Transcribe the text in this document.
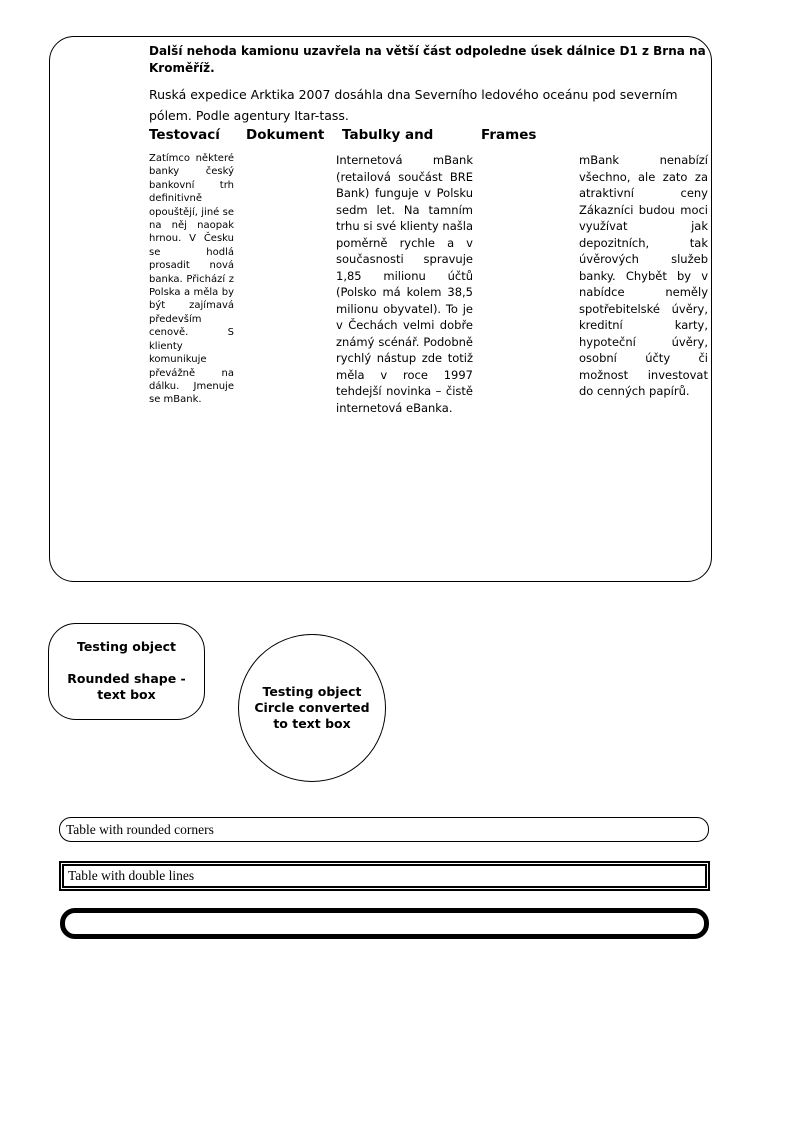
Další nehoda kamionu uzavřela na větší část odpoledne úsek dálnice D1 z Brna na Kroměříž.
Ruská expedice Arktika 2007 dosáhla dna Severního ledového oceánu pod severním pólem. Podle agentury Itar-tass.
Testovací Dokument Tabulky and	Frames
Zatímco některé banky český bankovní trh definitivně opouštějí, jiné se na něj naopak hrnou. V Česku se hodlá prosadit nová banka. Přichází z Polska a měla by být zajímavá především cenově. S klienty komunikuje převážně na dálku. Jmenuje se mBank.
Internetová mBank (retailová součást BRE Bank) funguje v Polsku sedm let. Na tamním trhu si své klienty našla poměrně rychle a v současnosti spravuje 1,85 milionu účtů (Polsko má kolem 38,5 milionu obyvatel). To je v Čechách velmi dobře známý scénář. Podobně rychlý nástup zde totiž měla v roce 1997 tehdejší novinka – čistě internetová eBanka.
mBank nenabízí všechno, ale zato za atraktivní ceny Zákazníci budou moci využívat jak depozitních, tak úvěrových služeb banky. Chybět by v nabídce neměly spotřebitelské úvěry, kreditní karty, hypoteční úvěry, osobní účty či možnost investovat do cenných papírů.
Testing object
Rounded shape - text box	Testing object
Circle converted to text box
Table with rounded corners
Table with double lines
